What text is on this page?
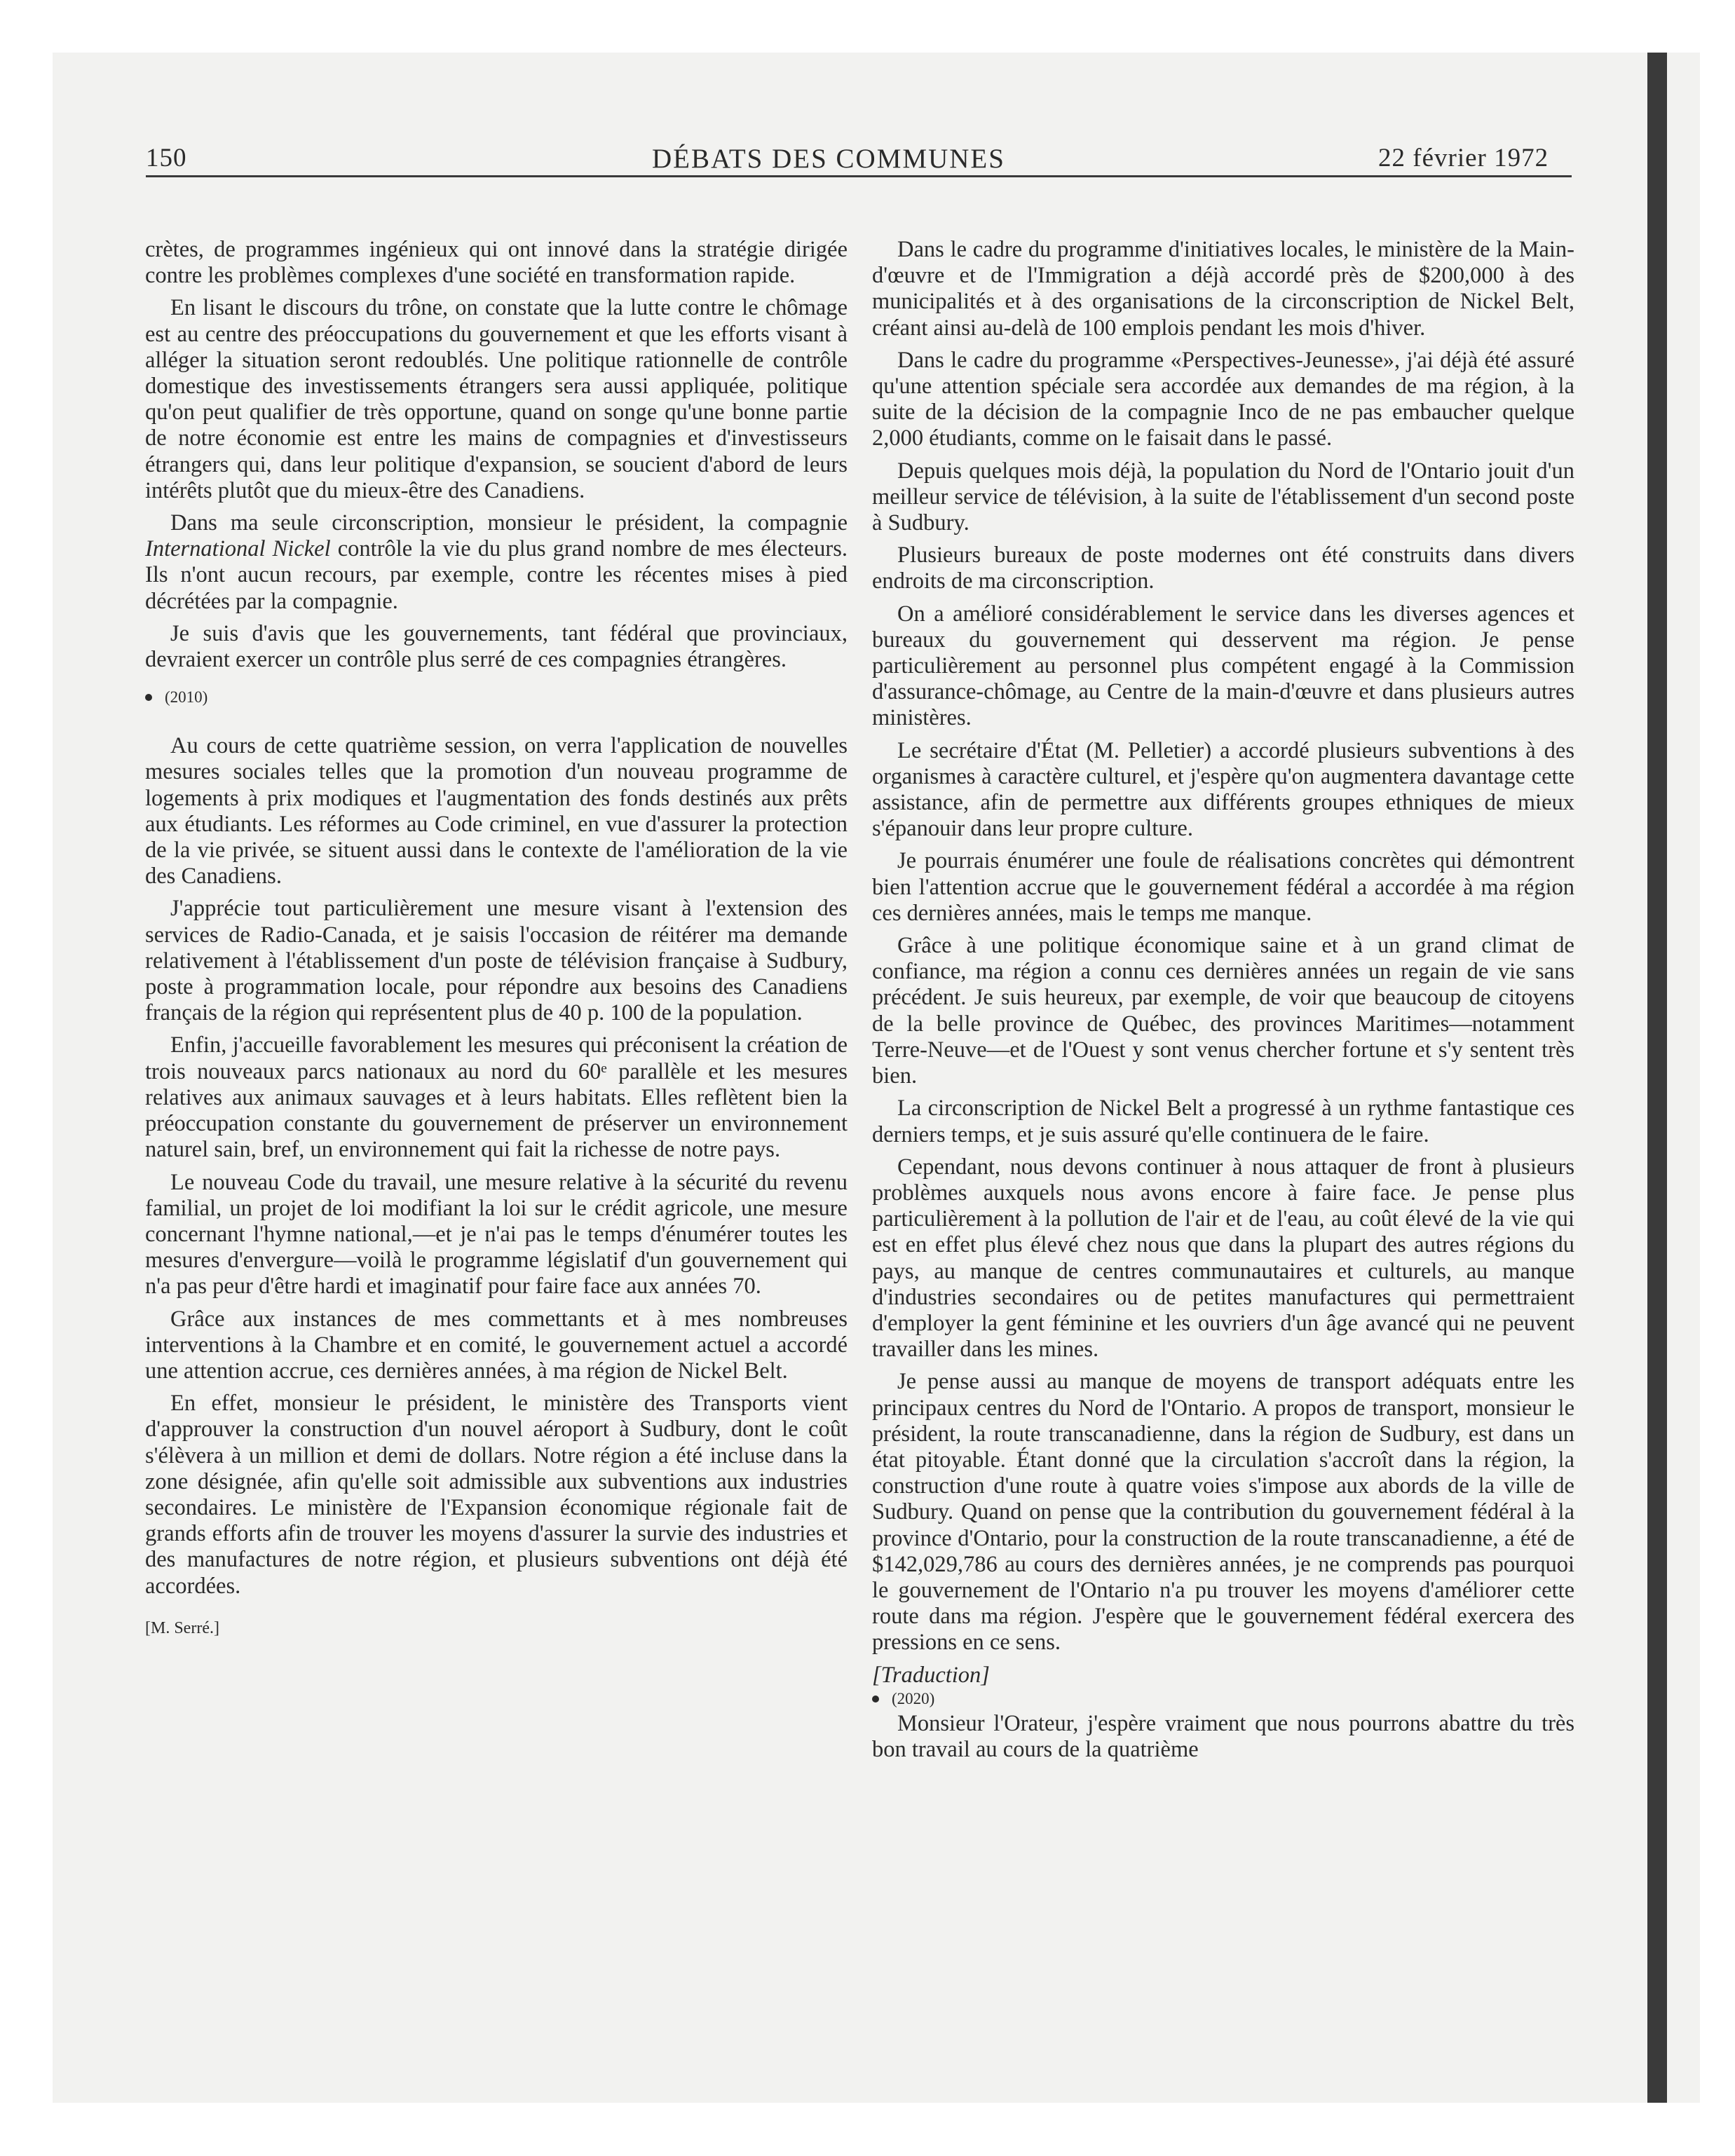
150	DÉBATS DES COMMUNES	22 février 1972

crètes, de programmes ingénieux qui ont innové dans la stratégie dirigée contre les problèmes complexes d'une société en transformation rapide.

En lisant le discours du trône, on constate que la lutte contre le chômage est au centre des préoccupations du gouvernement et que les efforts visant à alléger la situation seront redoublés. Une politique rationnelle de contrôle domestique des investissements étrangers sera aussi appliquée, politique qu'on peut qualifier de très opportune, quand on songe qu'une bonne partie de notre économie est entre les mains de compagnies et d'investisseurs étrangers qui, dans leur politique d'expansion, se soucient d'abord de leurs intérêts plutôt que du mieux-être des Canadiens.

Dans ma seule circonscription, monsieur le président, la compagnie International Nickel contrôle la vie du plus grand nombre de mes électeurs. Ils n'ont aucun recours, par exemple, contre les récentes mises à pied décrétées par la compagnie.

Je suis d'avis que les gouvernements, tant fédéral que provinciaux, devraient exercer un contrôle plus serré de ces compagnies étrangères.

(2010)

Au cours de cette quatrième session, on verra l'application de nouvelles mesures sociales telles que la promotion d'un nouveau programme de logements à prix modiques et l'augmentation des fonds destinés aux prêts aux étudiants. Les réformes au Code criminel, en vue d'assurer la protection de la vie privée, se situent aussi dans le contexte de l'amélioration de la vie des Canadiens.

J'apprécie tout particulièrement une mesure visant à l'extension des services de Radio-Canada, et je saisis l'occasion de réitérer ma demande relativement à l'établissement d'un poste de télévision française à Sudbury, poste à programmation locale, pour répondre aux besoins des Canadiens français de la région qui représentent plus de 40 p. 100 de la population.

Enfin, j'accueille favorablement les mesures qui préconisent la création de trois nouveaux parcs nationaux au nord du 60ᵉ parallèle et les mesures relatives aux animaux sauvages et à leurs habitats. Elles reflètent bien la préoccupation constante du gouvernement de préserver un environnement naturel sain, bref, un environnement qui fait la richesse de notre pays.

Le nouveau Code du travail, une mesure relative à la sécurité du revenu familial, un projet de loi modifiant la loi sur le crédit agricole, une mesure concernant l'hymne national,—et je n'ai pas le temps d'énumérer toutes les mesures d'envergure—voilà le programme législatif d'un gouvernement qui n'a pas peur d'être hardi et imaginatif pour faire face aux années 70.

Grâce aux instances de mes commettants et à mes nombreuses interventions à la Chambre et en comité, le gouvernement actuel a accordé une attention accrue, ces dernières années, à ma région de Nickel Belt.

En effet, monsieur le président, le ministère des Transports vient d'approuver la construction d'un nouvel aéroport à Sudbury, dont le coût s'élèvera à un million et demi de dollars. Notre région a été incluse dans la zone désignée, afin qu'elle soit admissible aux subventions aux industries secondaires. Le ministère de l'Expansion économique régionale fait de grands efforts afin de trouver les moyens d'assurer la survie des industries et des manufactures de notre région, et plusieurs subventions ont déjà été accordées.

[M. Serré.]

Dans le cadre du programme d'initiatives locales, le ministère de la Main-d'œuvre et de l'Immigration a déjà accordé près de $200,000 à des municipalités et à des organisations de la circonscription de Nickel Belt, créant ainsi au-delà de 100 emplois pendant les mois d'hiver.

Dans le cadre du programme «Perspectives-Jeunesse», j'ai déjà été assuré qu'une attention spéciale sera accordée aux demandes de ma région, à la suite de la décision de la compagnie Inco de ne pas embaucher quelque 2,000 étudiants, comme on le faisait dans le passé.

Depuis quelques mois déjà, la population du Nord de l'Ontario jouit d'un meilleur service de télévision, à la suite de l'établissement d'un second poste à Sudbury.

Plusieurs bureaux de poste modernes ont été construits dans divers endroits de ma circonscription.

On a amélioré considérablement le service dans les diverses agences et bureaux du gouvernement qui desservent ma région. Je pense particulièrement au personnel plus compétent engagé à la Commission d'assurance-chômage, au Centre de la main-d'œuvre et dans plusieurs autres ministères.

Le secrétaire d'État (M. Pelletier) a accordé plusieurs subventions à des organismes à caractère culturel, et j'espère qu'on augmentera davantage cette assistance, afin de permettre aux différents groupes ethniques de mieux s'épanouir dans leur propre culture.

Je pourrais énumérer une foule de réalisations concrètes qui démontrent bien l'attention accrue que le gouvernement fédéral a accordée à ma région ces dernières années, mais le temps me manque.

Grâce à une politique économique saine et à un grand climat de confiance, ma région a connu ces dernières années un regain de vie sans précédent. Je suis heureux, par exemple, de voir que beaucoup de citoyens de la belle province de Québec, des provinces Maritimes—notamment Terre-Neuve—et de l'Ouest y sont venus chercher fortune et s'y sentent très bien.

La circonscription de Nickel Belt a progressé à un rythme fantastique ces derniers temps, et je suis assuré qu'elle continuera de le faire.

Cependant, nous devons continuer à nous attaquer de front à plusieurs problèmes auxquels nous avons encore à faire face. Je pense plus particulièrement à la pollution de l'air et de l'eau, au coût élevé de la vie qui est en effet plus élevé chez nous que dans la plupart des autres régions du pays, au manque de centres communautaires et culturels, au manque d'industries secondaires ou de petites manufactures qui permettraient d'employer la gent féminine et les ouvriers d'un âge avancé qui ne peuvent travailler dans les mines.

Je pense aussi au manque de moyens de transport adéquats entre les principaux centres du Nord de l'Ontario. A propos de transport, monsieur le président, la route transcanadienne, dans la région de Sudbury, est dans un état pitoyable. Étant donné que la circulation s'accroît dans la région, la construction d'une route à quatre voies s'impose aux abords de la ville de Sudbury. Quand on pense que la contribution du gouvernement fédéral à la province d'Ontario, pour la construction de la route transcanadienne, a été de $142,029,786 au cours des dernières années, je ne comprends pas pourquoi le gouvernement de l'Ontario n'a pu trouver les moyens d'améliorer cette route dans ma région. J'espère que le gouvernement fédéral exercera des pressions en ce sens.

[Traduction]
(2020)

Monsieur l'Orateur, j'espère vraiment que nous pourrons abattre du très bon travail au cours de la quatrième
